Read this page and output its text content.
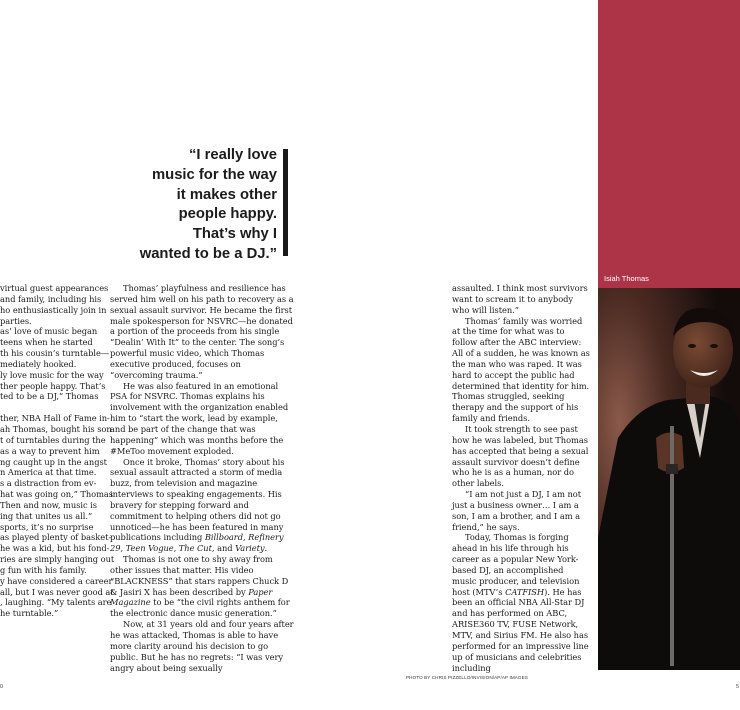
virtual guest appearances

and family, including his

ho enthusiastically join in

parties.

as’ love of music began

teens when he started

th his cousin’s turntable—

mediately hooked.

ly love music for the way

ther people happy. That’s

ted to be a DJ,” Thomas

ther, NBA Hall of Fame in-

ah Thomas, bought his son

t of turntables during the

as a way to prevent him

ng caught up in the angst

n America at that time.

s a distraction from ev-

hat was going on,” Thomas

Then and now, music is

ing that unites us all.”

sports, it’s no surprise

as played plenty of basket-

he was a kid, but his fond-

ries are simply hanging out

g fun with his family.

y have considered a career

all, but I was never good at

, laughing. “My talents are

he turntable.”

“I really love
music for the way
it makes other
people happy.
That’s why I
wanted to be a DJ.”

Thomas’ playfulness and resilience has served him well on his path to recovery as a sexual assault survivor. He became the first male spokesperson for NSVRC—he donated a portion of the proceeds from his single “Dealin’ With It” to the center. The song’s powerful music video, which Thomas executive produced, focuses on “overcoming trauma.”

He was also featured in an emotional PSA for NSVRC. Thomas explains his involvement with the organization enabled him to “start the work, lead by example, and be part of the change that was happening” which was months before the #MeToo movement exploded.

Once it broke, Thomas’ story about his sexual assault attracted a storm of media buzz, from television and magazine interviews to speaking engagements. His bravery for stepping forward and commitment to helping others did not go unnoticed—he has been featured in many publications including Billboard, Refinery 29, Teen Vogue, The Cut, and Variety.

Thomas is not one to shy away from other issues that matter. His video “BLACKNESS” that stars rappers Chuck D & Jasiri X has been described by Paper Magazine to be “the civil rights anthem for the electronic dance music generation.”

Now, at 31 years old and four years after he was attacked, Thomas is able to have more clarity around his decision to go public. But he has no regrets: “I was very angry about being sexually

assaulted. I think most survivors want to scream it to anybody who will listen.”

Thomas’ family was worried at the time for what was to follow after the ABC interview: All of a sudden, he was known as the man who was raped. It was hard to accept the public had determined that identity for him. Thomas struggled, seeking therapy and the support of his family and friends.

It took strength to see past how he was labeled, but Thomas has accepted that being a sexual assault survivor doesn’t define who he is as a human, nor do other labels.

“I am not just a DJ, I am not just a business owner… I am a son, I am a brother, and I am a friend,” he says.

Today, Thomas is forging ahead in his life through his career as a popular New York-based DJ, an accomplished music producer, and television host (MTV’s CATFISH). He has been an official NBA All-Star DJ and has performed on ABC, ARISE360 TV, FUSE Network, MTV, and Sirius FM. He also has performed for an impressive line up of musicians and celebrities including

Isiah Thomas
PHOTO BY CHRIS PIZZELLO/INVISION/AP/AP IMAGES
0	5
